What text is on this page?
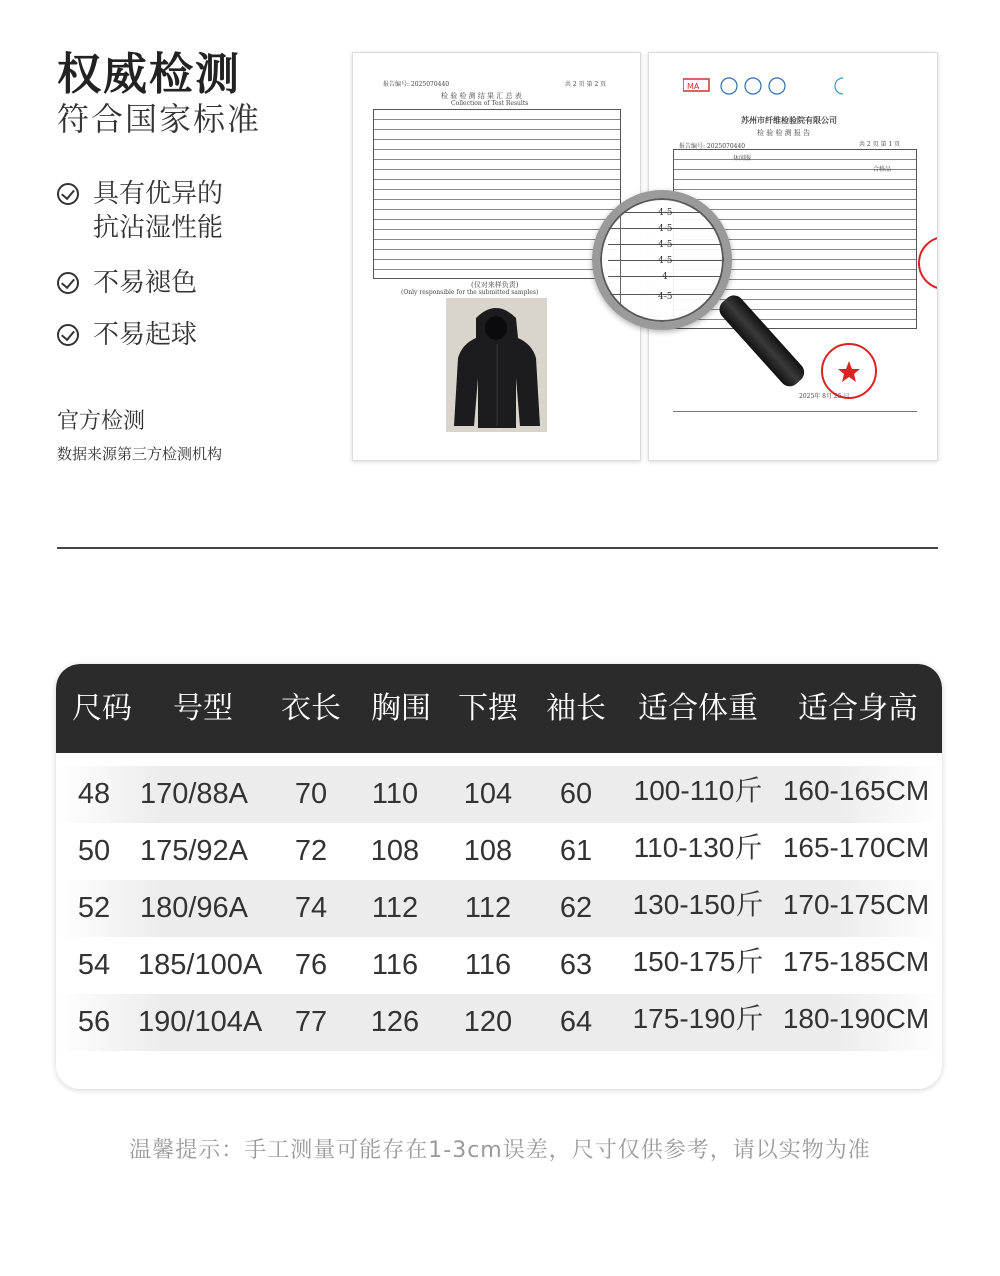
权威检测
符合国家标准
具有优异的
抗沾湿性能
不易褪色
不易起球
官方检测
数据来源第三方检测机构
报告编号: 2025070440	共 2 页 第 2 页
检 验 检 测 结 果 汇 总 表
Collection of Test Results
(仅对来样负责)
(Only responsible for the submitted samples)
MA
苏州市纤维检验院有限公司
检 验 检 测 报 告
共 2 页 第 1 页
报告编号: 2025070440
休闲服
合格品
2025年 8月 25 日
4-5
4-5
4-5
4-5
4
4-5
尺码	号型	衣长 胸围 下摆 袖长 适合体重 适合身高
48	170/88A	70	110	104	60	100-110斤 160-165CM
50	175/92A	72	108	108	61	110-130斤 165-170CM
52	180/96A	74	112	112	62	130-150斤 170-175CM
54 185/100A	76	116	116	63	150-175斤 175-185CM
56 190/104A	77	126	120	64	175-190斤 180-190CM
温馨提示：手工测量可能存在1-3cm误差，尺寸仅供参考，请以实物为准
